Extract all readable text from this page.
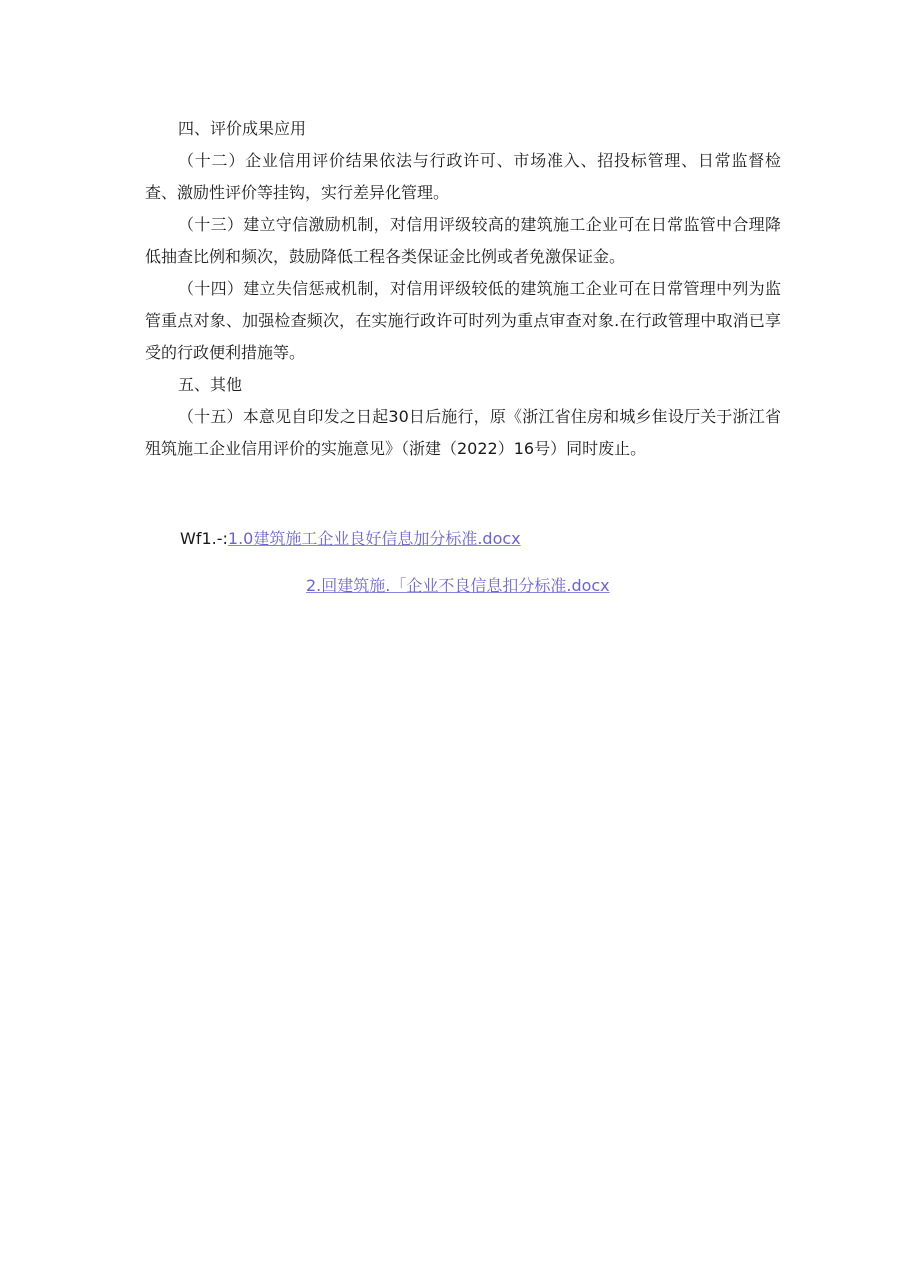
四、评价成果应用

（十二）企业信用评价结果依法与行政许可、市场准入、招投标管理、日常监督检查、激励性评价等挂钩，实行差异化管理。

（十三）建立守信激励机制，对信用评级较高的建筑施工企业可在日常监管中合理降低抽查比例和频次，鼓励降低工程各类保证金比例或者免激保证金。

（十四）建立失信惩戒机制，对信用评级较低的建筑施工企业可在日常管理中列为监管重点对象、加强检查频次，在实施行政许可时列为重点审查对象.在行政管理中取消已享受的行政便利措施等。

五、其他

（十五）本意见自印发之日起30日后施行，原《浙江省住房和城乡隹设厅关于浙江省殂筑施工企业信用评价的实施意见》（浙建（2022）16号）同时废止。

Wf1.-:1.0建筑施工企业良好信息加分标准.docx
2.回建筑施.「企业不良信息扣分标准.docx
